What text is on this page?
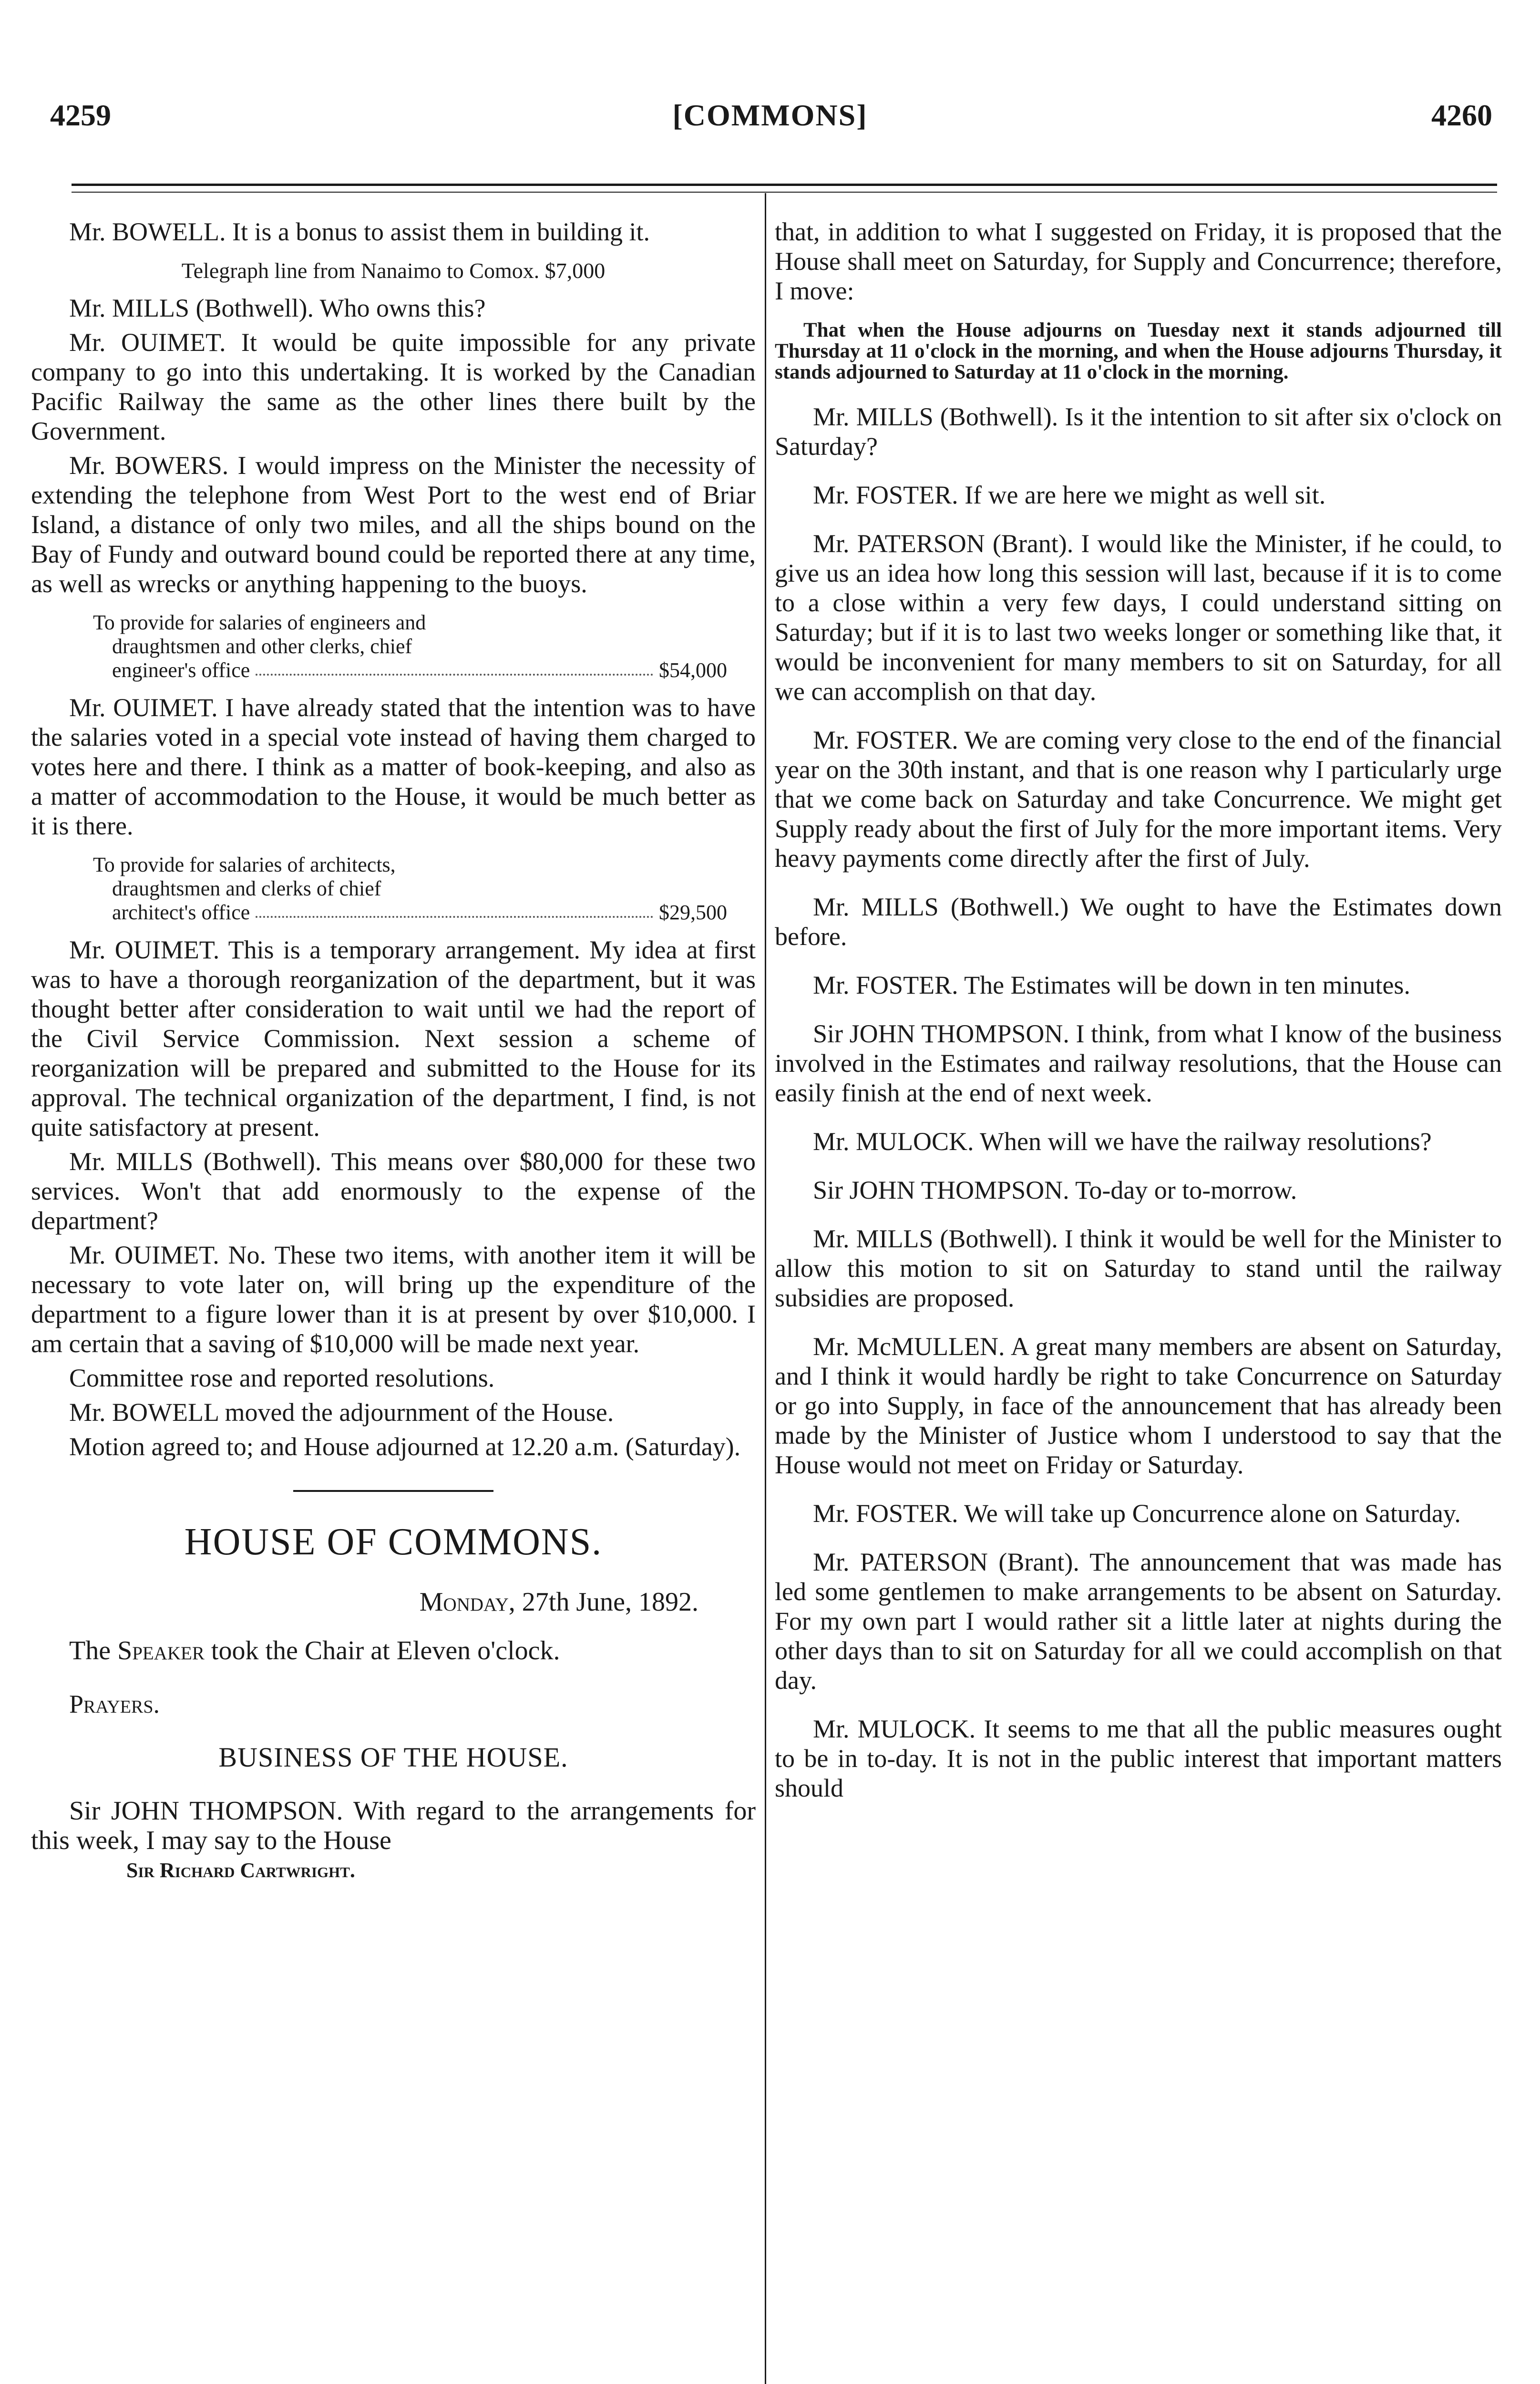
4259	[COMMONS]	4260

Mr. BOWELL. It is a bonus to assist them in building it.

Telegraph line from Nanaimo to Comox. $7,000

Mr. MILLS (Bothwell). Who owns this?

Mr. OUIMET. It would be quite impossible for any private company to go into this undertaking. It is worked by the Canadian Pacific Railway the same as the other lines there built by the Government.

Mr. BOWERS. I would impress on the Minister the necessity of extending the telephone from West Port to the west end of Briar Island, a distance of only two miles, and all the ships bound on the Bay of Fundy and outward bound could be reported there at any time, as well as wrecks or anything happening to the buoys.

To provide for salaries of engineers and
draughtsmen and other clerks, chief
engineer's office	$54,000

Mr. OUIMET. I have already stated that the intention was to have the salaries voted in a special vote instead of having them charged to votes here and there. I think as a matter of book-keeping, and also as a matter of accommodation to the House, it would be much better as it is there.

To provide for salaries of architects,
draughtsmen and clerks of chief
architect's office	$29,500

Mr. OUIMET. This is a temporary arrangement. My idea at first was to have a thorough reorganization of the department, but it was thought better after consideration to wait until we had the report of the Civil Service Commission. Next session a scheme of reorganization will be prepared and submitted to the House for its approval. The technical organization of the department, I find, is not quite satisfactory at present.

Mr. MILLS (Bothwell). This means over $80,000 for these two services. Won't that add enormously to the expense of the department?

Mr. OUIMET. No. These two items, with another item it will be necessary to vote later on, will bring up the expenditure of the department to a figure lower than it is at present by over $10,000. I am certain that a saving of $10,000 will be made next year.

Committee rose and reported resolutions.

Mr. BOWELL moved the adjournment of the House.

Motion agreed to; and House adjourned at 12.20 a.m. (Saturday).

HOUSE OF COMMONS.
Monday, 27th June, 1892.

The Speaker took the Chair at Eleven o'clock.

Prayers.

BUSINESS OF THE HOUSE.

Sir JOHN THOMPSON. With regard to the arrangements for this week, I may say to the House

Sir Richard Cartwright.

that, in addition to what I suggested on Friday, it is proposed that the House shall meet on Saturday, for Supply and Concurrence; therefore, I move:

That when the House adjourns on Tuesday next it stands adjourned till Thursday at 11 o'clock in the morning, and when the House adjourns Thursday, it stands adjourned to Saturday at 11 o'clock in the morning.

Mr. MILLS (Bothwell). Is it the intention to sit after six o'clock on Saturday?

Mr. FOSTER. If we are here we might as well sit.

Mr. PATERSON (Brant). I would like the Minister, if he could, to give us an idea how long this session will last, because if it is to come to a close within a very few days, I could understand sitting on Saturday; but if it is to last two weeks longer or something like that, it would be inconvenient for many members to sit on Saturday, for all we can accomplish on that day.

Mr. FOSTER. We are coming very close to the end of the financial year on the 30th instant, and that is one reason why I particularly urge that we come back on Saturday and take Concurrence. We might get Supply ready about the first of July for the more important items. Very heavy payments come directly after the first of July.

Mr. MILLS (Bothwell.) We ought to have the Estimates down before.

Mr. FOSTER. The Estimates will be down in ten minutes.

Sir JOHN THOMPSON. I think, from what I know of the business involved in the Estimates and railway resolutions, that the House can easily finish at the end of next week.

Mr. MULOCK. When will we have the railway resolutions?

Sir JOHN THOMPSON. To-day or to-morrow.

Mr. MILLS (Bothwell). I think it would be well for the Minister to allow this motion to sit on Saturday to stand until the railway subsidies are proposed.

Mr. McMULLEN. A great many members are absent on Saturday, and I think it would hardly be right to take Concurrence on Saturday or go into Supply, in face of the announcement that has already been made by the Minister of Justice whom I understood to say that the House would not meet on Friday or Saturday.

Mr. FOSTER. We will take up Concurrence alone on Saturday.

Mr. PATERSON (Brant). The announcement that was made has led some gentlemen to make arrangements to be absent on Saturday. For my own part I would rather sit a little later at nights during the other days than to sit on Saturday for all we could accomplish on that day.

Mr. MULOCK. It seems to me that all the public measures ought to be in to-day. It is not in the public interest that important matters should
